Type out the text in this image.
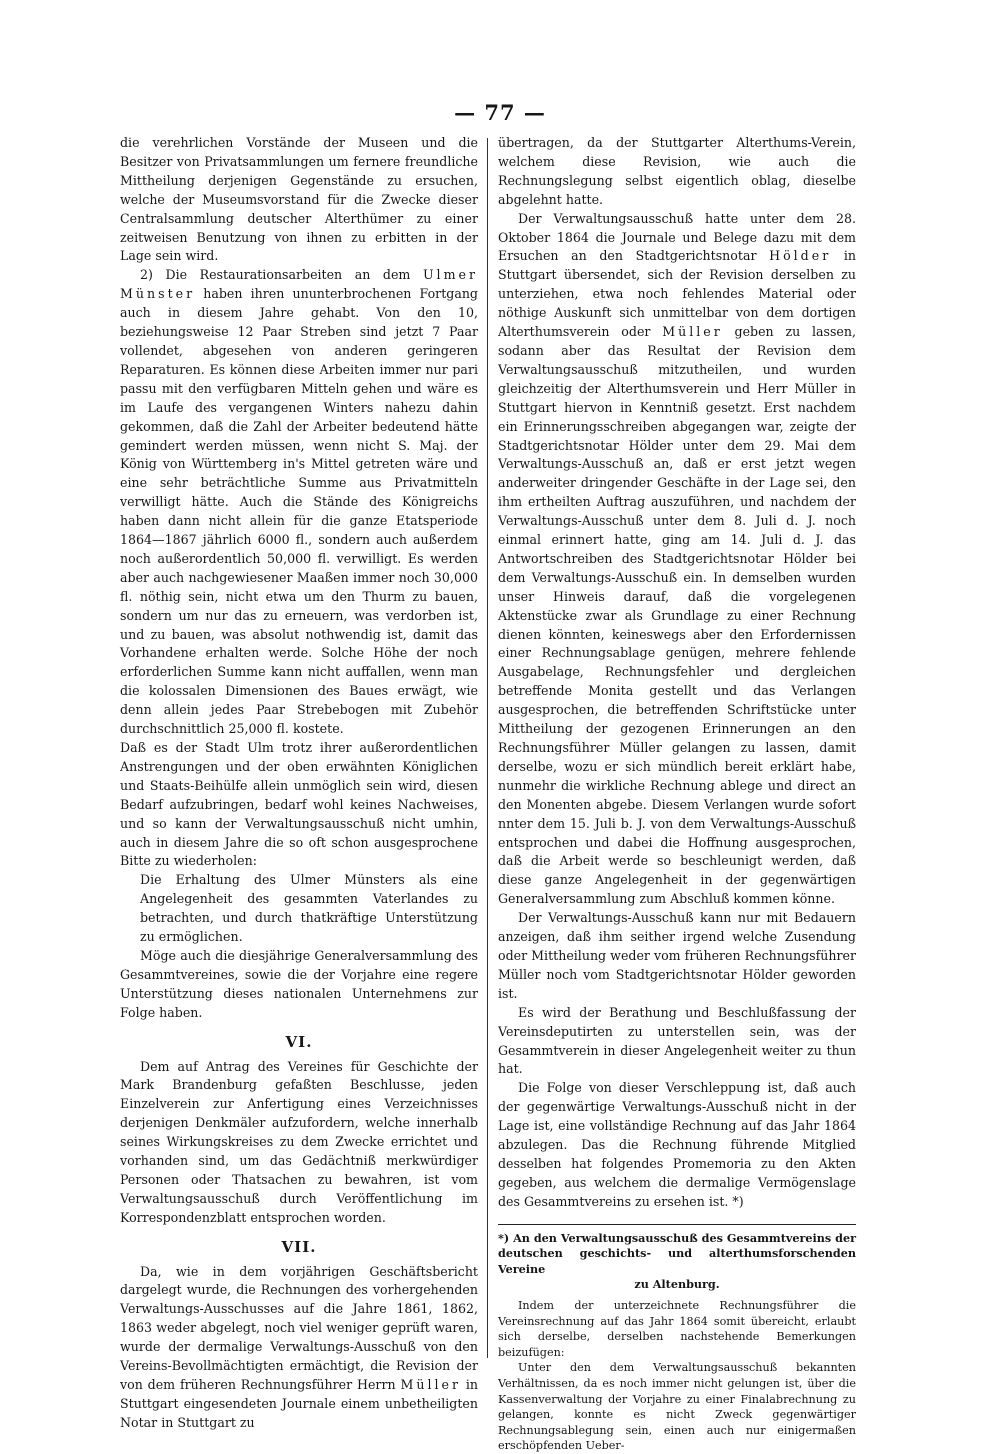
— 77 —

die verehrlichen Vorstände der Museen und die Besitzer von Privatsammlungen um fernere freundliche Mittheilung derjenigen Gegenstände zu ersuchen, welche der Museumsvorstand für die Zwecke dieser Centralsammlung deutscher Alterthümer zu einer zeitweisen Benutzung von ihnen zu erbitten in der Lage sein wird.

2) Die Restaurationsarbeiten an dem Ulmer Münster haben ihren ununterbrochenen Fortgang auch in diesem Jahre gehabt. Von den 10, beziehungsweise 12 Paar Streben sind jetzt 7 Paar vollendet, abgesehen von anderen geringeren Reparaturen. Es können diese Arbeiten immer nur pari passu mit den verfügbaren Mitteln gehen und wäre es im Laufe des vergangenen Winters nahezu dahin gekommen, daß die Zahl der Arbeiter bedeutend hätte gemindert werden müssen, wenn nicht S. Maj. der König von Württemberg in's Mittel getreten wäre und eine sehr beträchtliche Summe aus Privatmitteln verwilligt hätte. Auch die Stände des Königreichs haben dann nicht allein für die ganze Etatsperiode 1864—1867 jährlich 6000 fl., sondern auch außerdem noch außerordentlich 50,000 fl. verwilligt. Es werden aber auch nachgewiesener Maaßen immer noch 30,000 fl. nöthig sein, nicht etwa um den Thurm zu bauen, sondern um nur das zu erneuern, was verdorben ist, und zu bauen, was absolut nothwendig ist, damit das Vorhandene erhalten werde. Solche Höhe der noch erforderlichen Summe kann nicht auffallen, wenn man die kolossalen Dimensionen des Baues erwägt, wie denn allein jedes Paar Strebebogen mit Zubehör durchschnittlich 25,000 fl. kostete.

Daß es der Stadt Ulm trotz ihrer außerordentlichen Anstrengungen und der oben erwähnten Königlichen und Staats-Beihülfe allein unmöglich sein wird, diesen Bedarf aufzubringen, bedarf wohl keines Nachweises, und so kann der Verwaltungsausschuß nicht umhin, auch in diesem Jahre die so oft schon ausgesprochene Bitte zu wiederholen:

Die Erhaltung des Ulmer Münsters als eine Angelegenheit des gesammten Vaterlandes zu betrachten, und durch thatkräftige Unterstützung zu ermöglichen.

Möge auch die diesjährige Generalversammlung des Gesammtvereines, sowie die der Vorjahre eine regere Unterstützung dieses nationalen Unternehmens zur Folge haben.

VI.

Dem auf Antrag des Vereines für Geschichte der Mark Brandenburg gefaßten Beschlusse, jeden Einzelverein zur Anfertigung eines Verzeichnisses derjenigen Denkmäler aufzufordern, welche innerhalb seines Wirkungskreises zu dem Zwecke errichtet und vorhanden sind, um das Gedächtniß merkwürdiger Personen oder Thatsachen zu bewahren, ist vom Verwaltungsausschuß durch Veröffentlichung im Korrespondenzblatt entsprochen worden.

VII.

Da, wie in dem vorjährigen Geschäftsbericht dargelegt wurde, die Rechnungen des vorhergehenden Verwaltungs-Ausschusses auf die Jahre 1861, 1862, 1863 weder abgelegt, noch viel weniger geprüft waren, wurde der dermalige Verwaltungs-Ausschuß von den Vereins-Bevollmächtigten ermächtigt, die Revision der von dem früheren Rechnungsführer Herrn Müller in Stuttgart eingesendeten Journale einem unbetheiligten Notar in Stuttgart zu

übertragen, da der Stuttgarter Alterthums-Verein, welchem diese Revision, wie auch die Rechnungslegung selbst eigentlich oblag, dieselbe abgelehnt hatte.

Der Verwaltungsausschuß hatte unter dem 28. Oktober 1864 die Journale und Belege dazu mit dem Ersuchen an den Stadtgerichtsnotar Hölder in Stuttgart übersendet, sich der Revision derselben zu unterziehen, etwa noch fehlendes Material oder nöthige Auskunft sich unmittelbar von dem dortigen Alterthumsverein oder Müller geben zu lassen, sodann aber das Resultat der Revision dem Verwaltungsausschuß mitzutheilen, und wurden gleichzeitig der Alterthumsverein und Herr Müller in Stuttgart hiervon in Kenntniß gesetzt. Erst nachdem ein Erinnerungsschreiben abgegangen war, zeigte der Stadtgerichtsnotar Hölder unter dem 29. Mai dem Verwaltungs-Ausschuß an, daß er erst jetzt wegen anderweiter dringender Geschäfte in der Lage sei, den ihm ertheilten Auftrag auszuführen, und nachdem der Verwaltungs-Ausschuß unter dem 8. Juli d. J. noch einmal erinnert hatte, ging am 14. Juli d. J. das Antwortschreiben des Stadtgerichtsnotar Hölder bei dem Verwaltungs-Ausschuß ein. In demselben wurden unser Hinweis darauf, daß die vorgelegenen Aktenstücke zwar als Grundlage zu einer Rechnung dienen könnten, keineswegs aber den Erfordernissen einer Rechnungsablage genügen, mehrere fehlende Ausgabelage, Rechnungsfehler und dergleichen betreffende Monita gestellt und das Verlangen ausgesprochen, die betreffenden Schriftstücke unter Mittheilung der gezogenen Erinnerungen an den Rechnungsführer Müller gelangen zu lassen, damit derselbe, wozu er sich mündlich bereit erklärt habe, nunmehr die wirkliche Rechnung ablege und direct an den Monenten abgebe. Diesem Verlangen wurde sofort nnter dem 15. Juli b. J. von dem Verwaltungs-Ausschuß entsprochen und dabei die Hoffnung ausgesprochen, daß die Arbeit werde so beschleunigt werden, daß diese ganze Angelegenheit in der gegenwärtigen Generalversammlung zum Abschluß kommen könne.

Der Verwaltungs-Ausschuß kann nur mit Bedauern anzeigen, daß ihm seither irgend welche Zusendung oder Mittheilung weder vom früheren Rechnungsführer Müller noch vom Stadtgerichtsnotar Hölder geworden ist.

Es wird der Berathung und Beschlußfassung der Vereinsdeputirten zu unterstellen sein, was der Gesammtverein in dieser Angelegenheit weiter zu thun hat.

Die Folge von dieser Verschleppung ist, daß auch der gegenwärtige Verwaltungs-Ausschuß nicht in der Lage ist, eine vollständige Rechnung auf das Jahr 1864 abzulegen. Das die Rechnung führende Mitglied desselben hat folgendes Promemoria zu den Akten gegeben, aus welchem die dermalige Vermögenslage des Gesammtvereins zu ersehen ist. *)

*) An den Verwaltungsausschuß des Gesammtvereins der deutschen geschichts- und alterthumsforschenden Vereine
zu Altenburg.

Indem der unterzeichnete Rechnungsführer die Vereinsrechnung auf das Jahr 1864 somit übereicht, erlaubt sich derselbe, derselben nachstehende Bemerkungen beizufügen:

Unter den dem Verwaltungsausschuß bekannten Verhältnissen, da es noch immer nicht gelungen ist, über die Kassenverwaltung der Vorjahre zu einer Finalabrechnung zu gelangen, konnte es nicht Zweck gegenwärtiger Rechnungsablegung sein, einen auch nur einigermaßen erschöpfenden Ueber-
